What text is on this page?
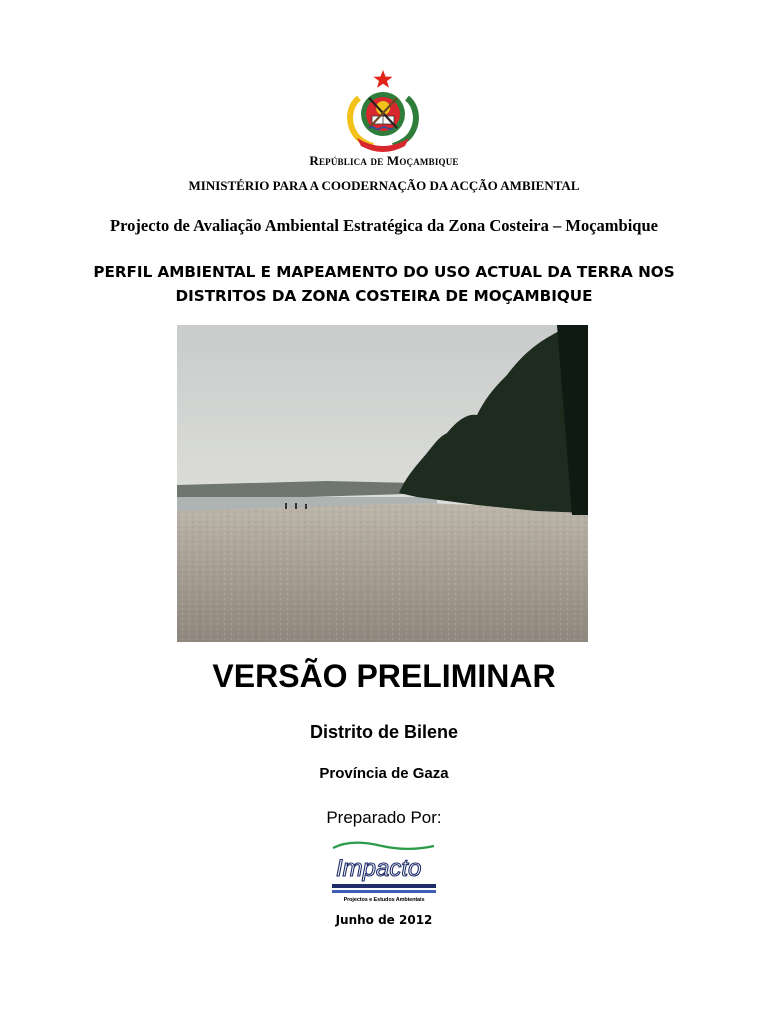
República de Moçambique
MINISTÉRIO PARA A COODERNAÇÃO DA ACÇÃO AMBIENTAL
Projecto de Avaliação Ambiental Estratégica da Zona Costeira – Moçambique
PERFIL AMBIENTAL E MAPEAMENTO DO USO ACTUAL DA TERRA NOS
DISTRITOS DA ZONA COSTEIRA DE MOÇAMBIQUE
VERSÃO PRELIMINAR
Distrito de Bilene
Província de Gaza
Preparado Por:
Impacto
Projectos e Estudos Ambientais
Junho de 2012
